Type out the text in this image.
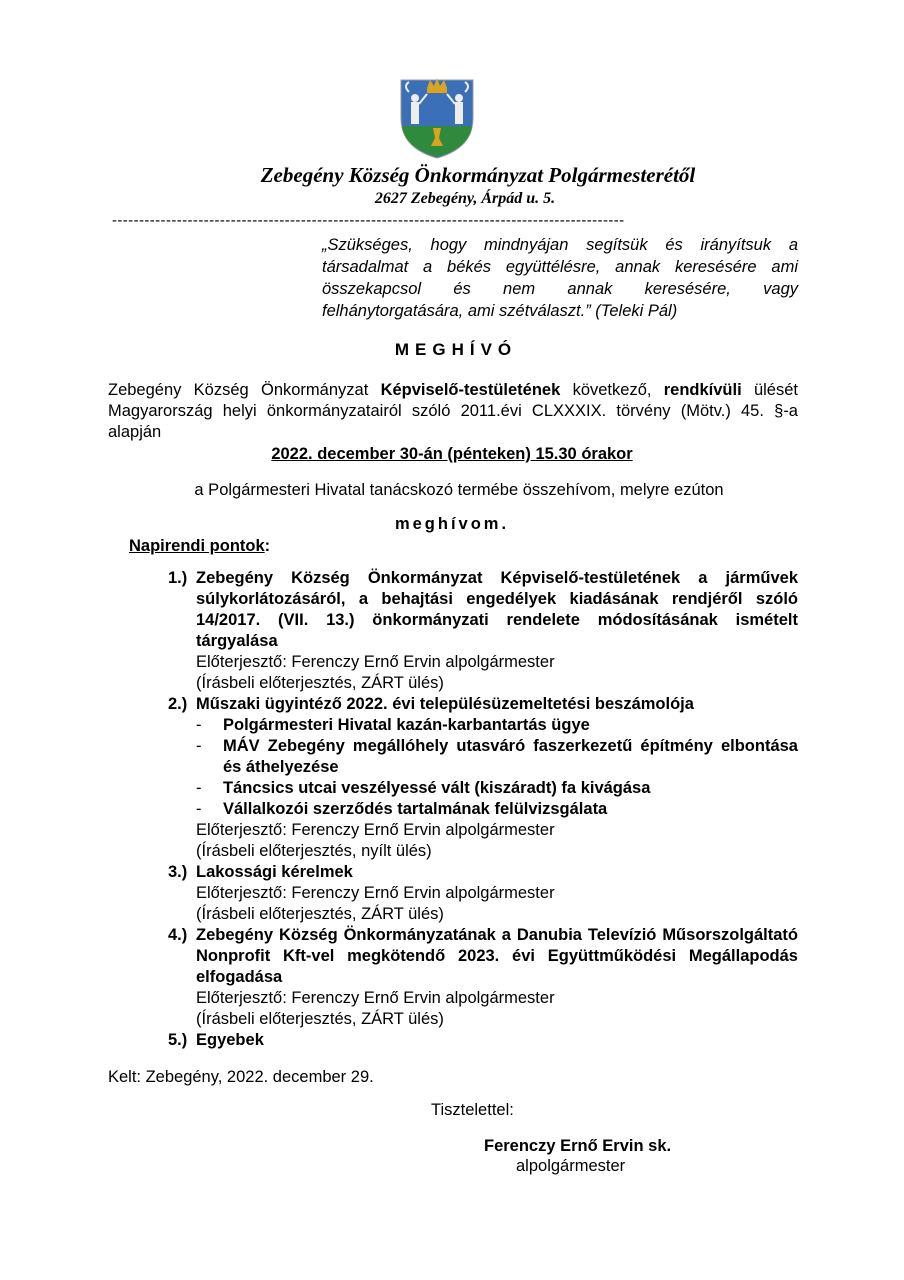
Zebegény Község Önkormányzat Polgármesterétől
2627 Zebegény, Árpád u. 5.
-----------------------------------------------------------------------------------------------
„Szükséges, hogy mindnyájan segítsük és irányítsuk a társadalmat a békés együttélésre, annak keresésére ami összekapcsol és nem annak keresésére, vagy felhánytorgatására, ami szétválaszt.” (Teleki Pál)
MEGHÍVÓ
Zebegény Község Önkormányzat Képviselő-testületének következő, rendkívüli ülését Magyarország helyi önkormányzatairól szóló 2011.évi CLXXXIX. törvény (Mötv.) 45. §-a alapján
2022. december 30-án (pénteken) 15.30 órakor
a Polgármesteri Hivatal tanácskozó termébe összehívom, melyre ezúton
meghívom.
Napirendi pontok:
1.) Zebegény Község Önkormányzat Képviselő-testületének a járművek súlykorlátozásáról, a behajtási engedélyek kiadásának rendjéről szóló 14/2017. (VII. 13.) önkormányzati rendelete módosításának ismételt tárgyalása
Előterjesztő: Ferenczy Ernő Ervin alpolgármester
(Írásbeli előterjesztés, ZÁRT ülés)
2.) Műszaki ügyintéző 2022. évi településüzemeltetési beszámolója
-	Polgármesteri Hivatal kazán-karbantartás ügye
-	MÁV Zebegény megállóhely utasváró faszerkezetű építmény elbontása és áthelyezése
-	Táncsics utcai veszélyessé vált (kiszáradt) fa kivágása
-	Vállalkozói szerződés tartalmának felülvizsgálata
Előterjesztő: Ferenczy Ernő Ervin alpolgármester
(Írásbeli előterjesztés, nyílt ülés)
3.) Lakossági kérelmek
Előterjesztő: Ferenczy Ernő Ervin alpolgármester
(Írásbeli előterjesztés, ZÁRT ülés)
4.) Zebegény Község Önkormányzatának a Danubia Televízió Műsorszolgáltató Nonprofit Kft-vel megkötendő 2023. évi Együttműködési Megállapodás elfogadása
Előterjesztő: Ferenczy Ernő Ervin alpolgármester
(Írásbeli előterjesztés, ZÁRT ülés)
5.) Egyebek
Kelt: Zebegény, 2022. december 29.
Tisztelettel:
Ferenczy Ernő Ervin sk.
alpolgármester
